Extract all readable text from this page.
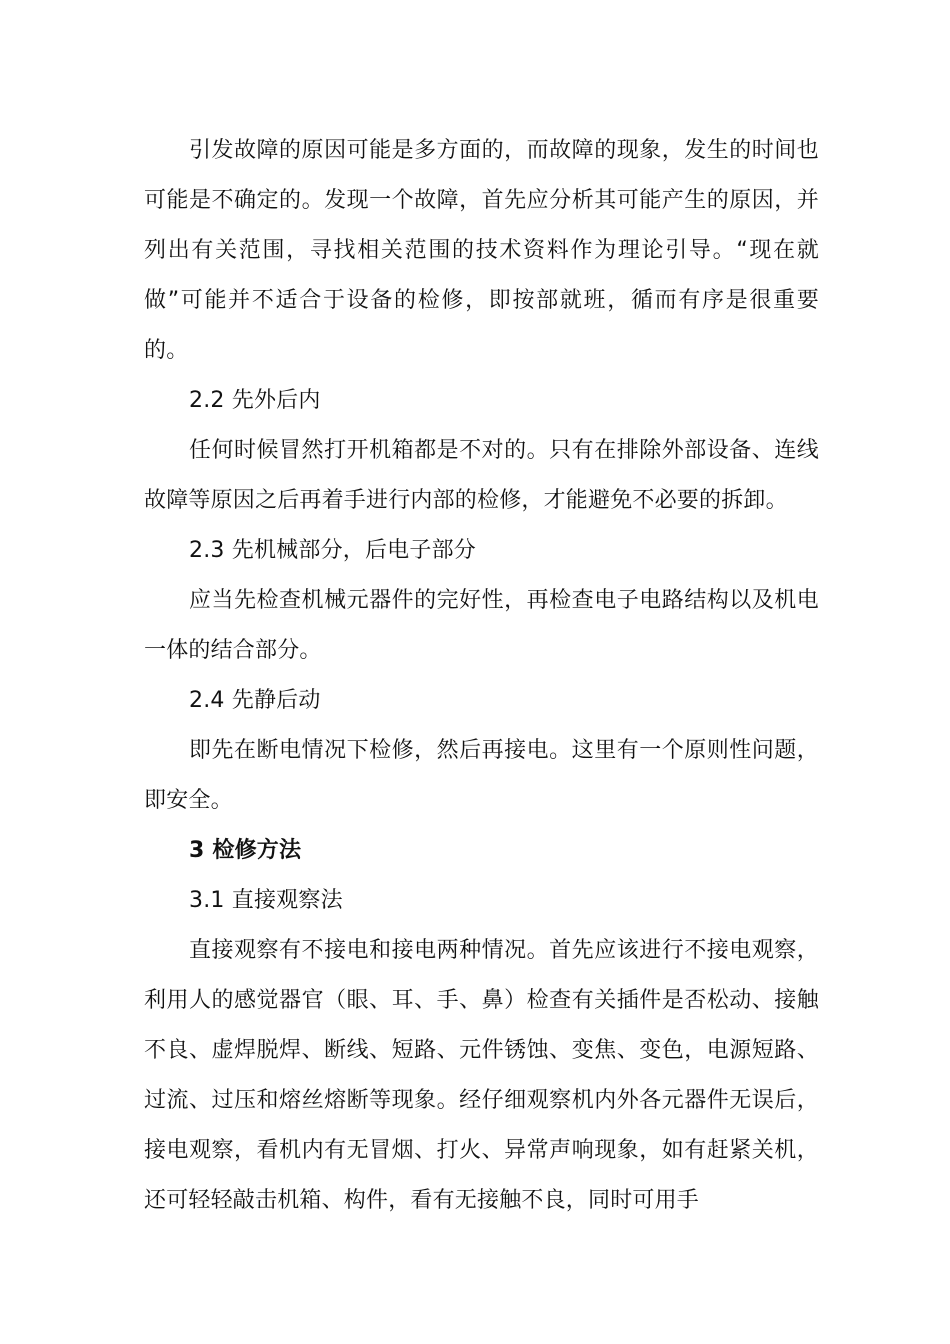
引发故障的原因可能是多方面的，而故障的现象，发生的时间也可能是不确定的。发现一个故障，首先应分析其可能产生的原因，并列出有关范围，寻找相关范围的技术资料作为理论引导。“现在就做”可能并不适合于设备的检修，即按部就班，循而有序是很重要的。

2.2 先外后内

任何时候冒然打开机箱都是不对的。只有在排除外部设备、连线故障等原因之后再着手进行内部的检修，才能避免不必要的拆卸。

2.3 先机械部分，后电子部分

应当先检查机械元器件的完好性，再检查电子电路结构以及机电一体的结合部分。

2.4 先静后动

即先在断电情况下检修，然后再接电。这里有一个原则性问题，即安全。

3 检修方法

3.1 直接观察法

直接观察有不接电和接电两种情况。首先应该进行不接电观察，利用人的感觉器官（眼、耳、手、鼻）检查有关插件是否松动、接触不良、虚焊脱焊、断线、短路、元件锈蚀、变焦、变色，电源短路、过流、过压和熔丝熔断等现象。经仔细观察机内外各元器件无误后，接电观察，看机内有无冒烟、打火、异常声响现象，如有赶紧关机，还可轻轻敲击机箱、构件，看有无接触不良，同时可用手
